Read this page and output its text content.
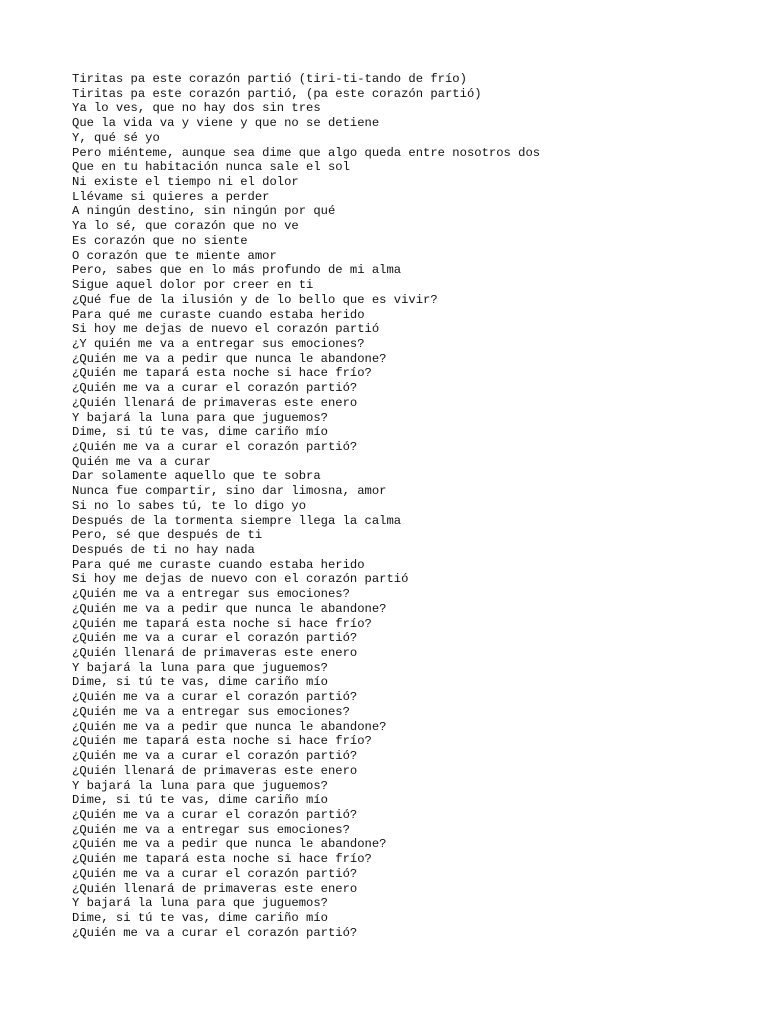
Tiritas pa este corazón partió (tiri-ti-tando de frío)
Tiritas pa este corazón partió, (pa este corazón partió)
Ya lo ves, que no hay dos sin tres
Que la vida va y viene y que no se detiene
Y, qué sé yo
Pero miénteme, aunque sea dime que algo queda entre nosotros dos
Que en tu habitación nunca sale el sol
Ni existe el tiempo ni el dolor
Llévame si quieres a perder
A ningún destino, sin ningún por qué
Ya lo sé, que corazón que no ve
Es corazón que no siente
O corazón que te miente amor
Pero, sabes que en lo más profundo de mi alma
Sigue aquel dolor por creer en ti
¿Qué fue de la ilusión y de lo bello que es vivir?
Para qué me curaste cuando estaba herido
Si hoy me dejas de nuevo el corazón partió
¿Y quién me va a entregar sus emociones?
¿Quién me va a pedir que nunca le abandone?
¿Quién me tapará esta noche si hace frío?
¿Quién me va a curar el corazón partió?
¿Quién llenará de primaveras este enero
Y bajará la luna para que juguemos?
Dime, si tú te vas, dime cariño mío
¿Quién me va a curar el corazón partió?
Quién me va a curar
Dar solamente aquello que te sobra
Nunca fue compartir, sino dar limosna, amor
Si no lo sabes tú, te lo digo yo
Después de la tormenta siempre llega la calma
Pero, sé que después de ti
Después de ti no hay nada
Para qué me curaste cuando estaba herido
Si hoy me dejas de nuevo con el corazón partió
¿Quién me va a entregar sus emociones?
¿Quién me va a pedir que nunca le abandone?
¿Quién me tapará esta noche si hace frío?
¿Quién me va a curar el corazón partió?
¿Quién llenará de primaveras este enero
Y bajará la luna para que juguemos?
Dime, si tú te vas, dime cariño mío
¿Quién me va a curar el corazón partió?
¿Quién me va a entregar sus emociones?
¿Quién me va a pedir que nunca le abandone?
¿Quién me tapará esta noche si hace frío?
¿Quién me va a curar el corazón partió?
¿Quién llenará de primaveras este enero
Y bajará la luna para que juguemos?
Dime, si tú te vas, dime cariño mío
¿Quién me va a curar el corazón partió?
¿Quién me va a entregar sus emociones?
¿Quién me va a pedir que nunca le abandone?
¿Quién me tapará esta noche si hace frío?
¿Quién me va a curar el corazón partió?
¿Quién llenará de primaveras este enero
Y bajará la luna para que juguemos?
Dime, si tú te vas, dime cariño mío
¿Quién me va a curar el corazón partió?
